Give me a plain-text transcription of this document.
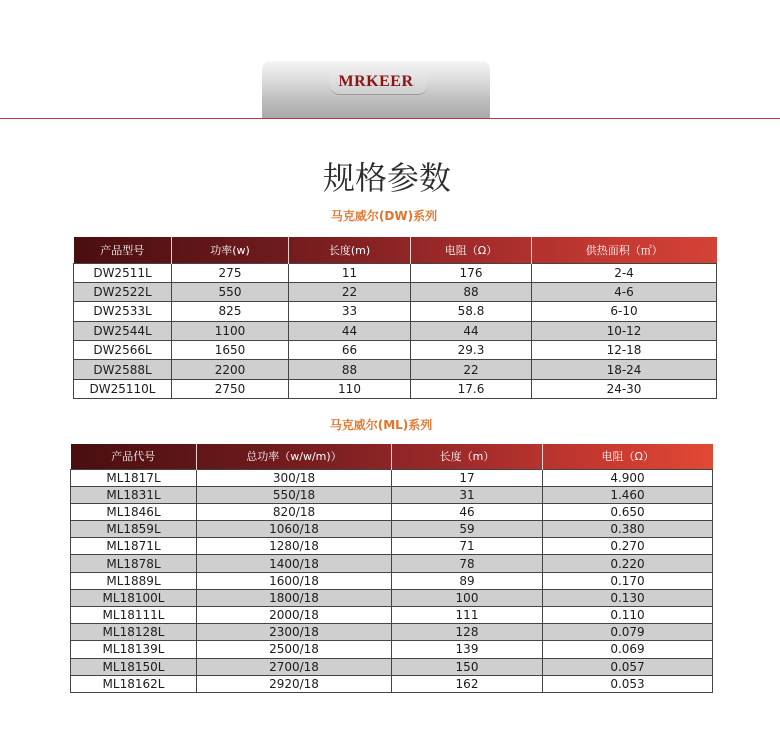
MRKEER
规格参数
马克威尔(DW)系列
产品型号	功率(w)	长度(m)	电阻（Ω）	供热面积（㎡）
DW2511L	275	11	176	2-4
DW2522L	550	22	88	4-6
DW2533L	825	33	58.8	6-10
DW2544L	1100	44	44	10-12
DW2566L	1650	66	29.3	12-18
DW2588L	2200	88	22	18-24
DW25110L	2750	110	17.6	24-30
马克威尔(ML)系列
产品代号	总功率（w/w/m)）	长度（m）	电阻（Ω）
ML1817L	300/18	17	4.900
ML1831L	550/18	31	1.460
ML1846L	820/18	46	0.650
ML1859L	1060/18	59	0.380
ML1871L	1280/18	71	0.270
ML1878L	1400/18	78	0.220
ML1889L	1600/18	89	0.170
ML18100L	1800/18	100	0.130
ML18111L	2000/18	111	0.110
ML18128L	2300/18	128	0.079
ML18139L	2500/18	139	0.069
ML18150L	2700/18	150	0.057
ML18162L	2920/18	162	0.053
